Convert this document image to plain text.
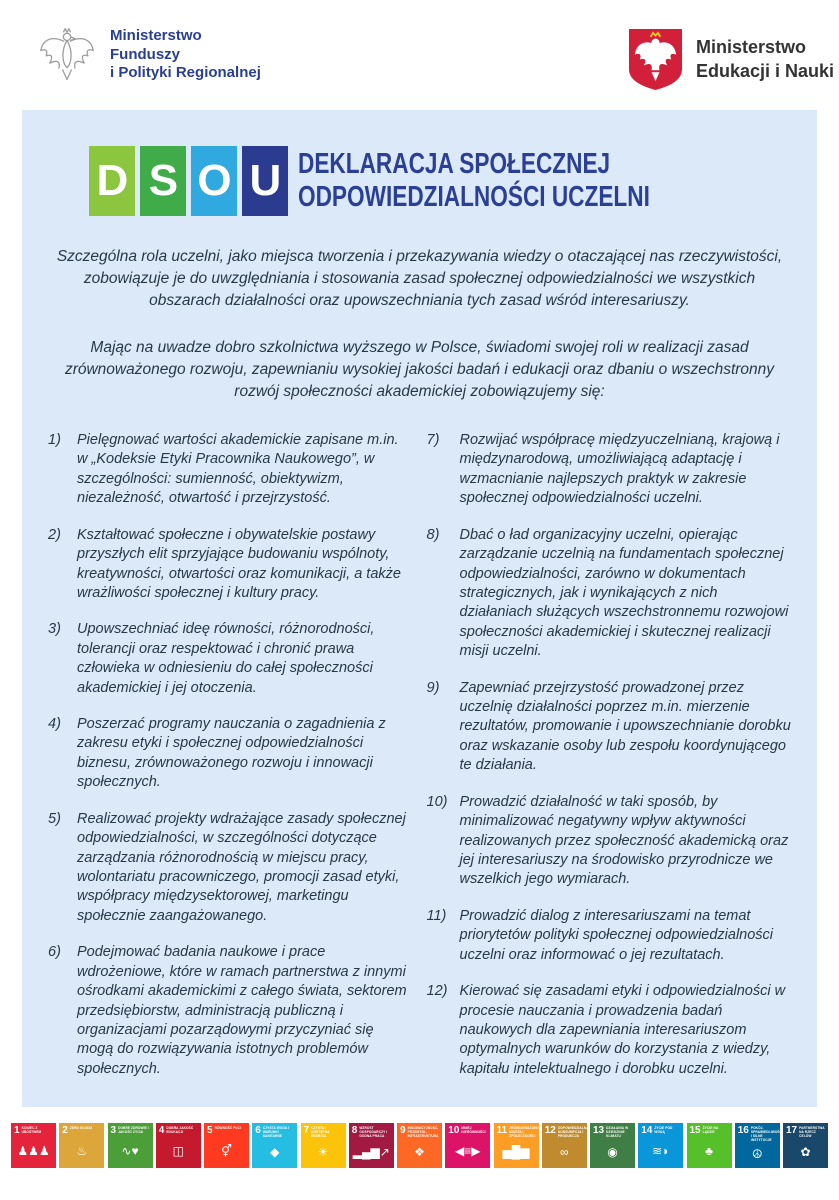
Ministerstwo
Funduszy
i Polityki Regionalnej
Ministerstwo
Edukacji i Nauki
D S O U DEKLARACJA SPOŁECZNEJ
ODPOWIEDZIALNOŚCI UCZELNI

Szczególna rola uczelni, jako miejsca tworzenia i przekazywania wiedzy o otaczającej nas rzeczywistości, zobowiązuje je do uwzględniania i stosowania zasad społecznej odpowiedzialności we wszystkich obszarach działalności oraz upowszechniania tych zasad wśród interesariuszy.

Mając na uwadze dobro szkolnictwa wyższego w Polsce, świadomi swojej roli w realizacji zasad zrównoważonego rozwoju, zapewnianiu wysokiej jakości badań i edukacji oraz dbaniu o wszechstronny rozwój społeczności akademickiej zobowiązujemy się:

1)	Pielęgnować wartości akademickie zapisane m.in. w „Kodeksie Etyki Pracownika Naukowego”, w szczególności: sumienność, obiektywizm, niezależność, otwartość i przejrzystość.
2)	Kształtować społeczne i obywatelskie postawy przyszłych elit sprzyjające budowaniu wspólnoty, kreatywności, otwartości oraz komunikacji, a także wrażliwości społecznej i kultury pracy.
3)	Upowszechniać ideę równości, różnorodności, tolerancji oraz respektować i chronić prawa człowieka w odniesieniu do całej społeczności akademickiej i jej otoczenia.
4)	Poszerzać programy nauczania o zagadnienia z zakresu etyki i społecznej odpowiedzialności biznesu, zrównoważonego rozwoju i innowacji społecznych.
5)	Realizować projekty wdrażające zasady społecznej odpowiedzialności, w szczególności dotyczące zarządzania różnorodnością w miejscu pracy, wolontariatu pracowniczego, promocji zasad etyki, współpracy międzysektorowej, marketingu społecznie zaangażowanego.
6)	Podejmować badania naukowe i prace wdrożeniowe, które w ramach partnerstwa z innymi ośrodkami akademickimi z całego świata, sektorem przedsiębiorstw, administracją publiczną i organizacjami pozarządowymi przyczyniać się mogą do rozwiązywania istotnych problemów społecznych.
7)	Rozwijać współpracę międzyuczelnianą, krajową i międzynarodową, umożliwiającą adaptację i wzmacnianie najlepszych praktyk w zakresie społecznej odpowiedzialności uczelni.
8)	Dbać o ład organizacyjny uczelni, opierając zarządzanie uczelnią na fundamentach społecznej odpowiedzialności, zarówno w dokumentach strategicznych, jak i wynikających z nich działaniach służących wszechstronnemu rozwojowi społeczności akademickiej i skutecznej realizacji misji uczelni.
9)	Zapewniać przejrzystość prowadzonej przez uczelnię działalności poprzez m.in. mierzenie rezultatów, promowanie i upowszechnianie dorobku oraz wskazanie osoby lub zespołu koordynującego te działania.
10) Prowadzić działalność w taki sposób, by minimalizować negatywny wpływ aktywności realizowanych przez społeczność akademicką oraz jej interesariuszy na środowisko przyrodnicze we wszelkich jego wymiarach.
11) Prowadzić dialog z interesariuszami na temat priorytetów polityki społecznej odpowiedzialności uczelni oraz informować o jej rezultatach.
12) Kierować się zasadami etyki i odpowiedzialności w procesie nauczania i prowadzenia badań naukowych dla zapewniania interesariuszom optymalnych warunków do korzystania z wiedzy, kapitału intelektualnego i dorobku uczelni.
1 KONIEC Z UBÓSTWEM
♟♟♟
2 ZERO GŁODU
♨
3 DOBRE ZDROWIE I JAKOŚĆ ŻYCIA
∿♥
4 DOBRA JAKOŚĆ EDUKACJI
◫
5 RÓWNOŚĆ PŁCI
⚥
6 CZYSTA WODA I WARUNKI SANITARNE
◆
7 CZYSTA I DOSTĘPNA ENERGIA
☀
8 WZROST GOSPODARCZY I GODNA PRACA
▂▄▆↗
9 INNOWACYJNOŚĆ, PRZEMYSŁ, INFRASTRUKTURA
❖
10 MNIEJ NIERÓWNOŚCI
◀≡▶
11 ZRÓWNOWAŻONE MIASTA I SPOŁECZNOŚCI
▅█▆
12 ODPOWIEDZIALNA KONSUMPCJA I PRODUKCJA
∞
13 DZIAŁANIA W DZIEDZINIE KLIMATU
◉
14 ŻYCIE POD WODĄ
≋◗
15 ŻYCIE NA LĄDZIE
♣
16 POKÓJ, SPRAWIEDLIWOŚĆ I SILNE INSTYTUCJE
☮
17 PARTNERSTWA NA RZECZ CELÓW
✿
